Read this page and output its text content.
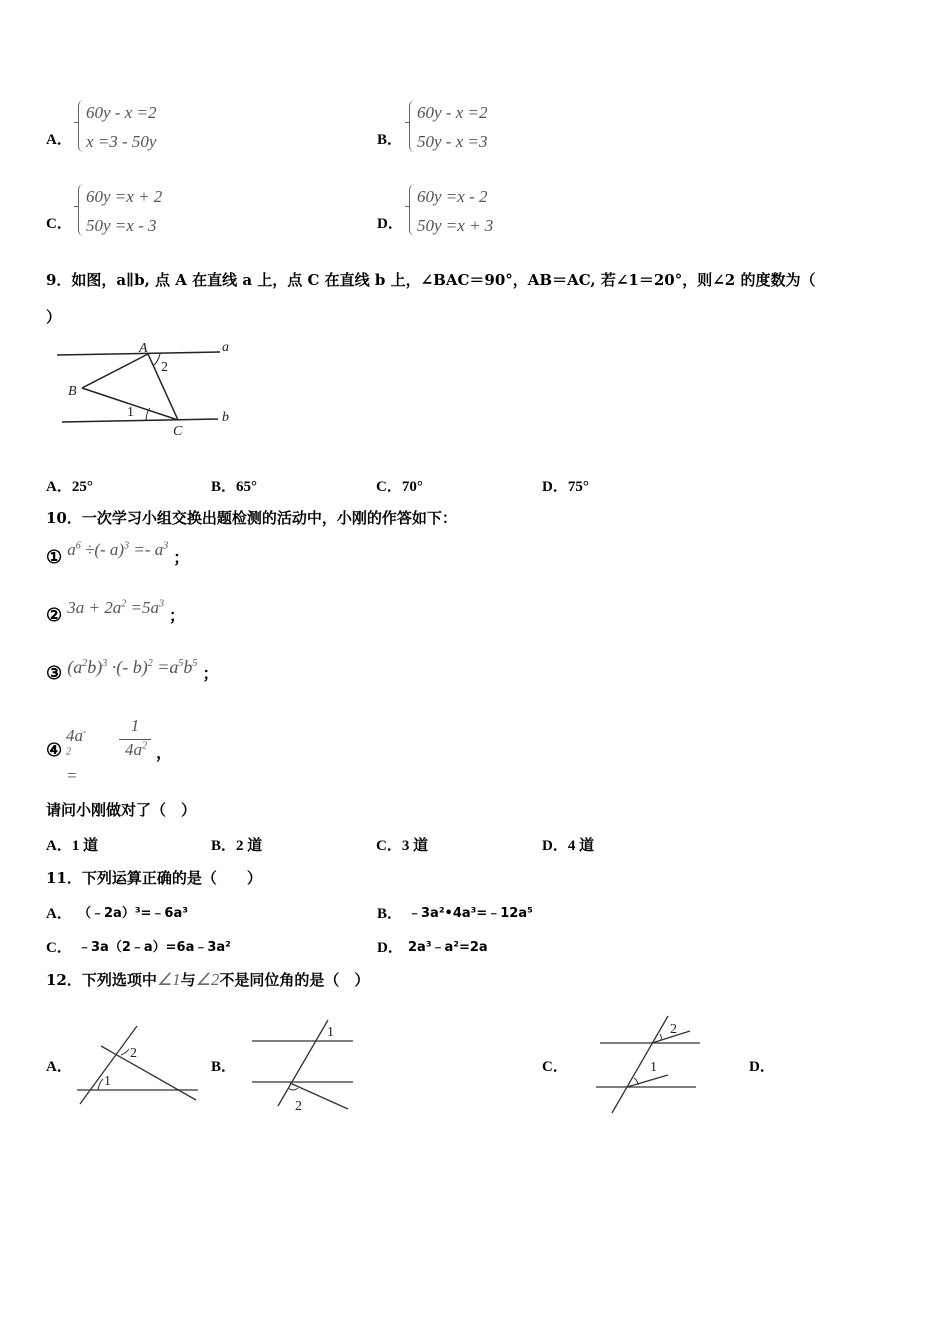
A．
60y - x =2
x =3 - 50y	B．
60y - x =2
50y - x =3
C．
60y =x + 2
50y =x - 3	D．
60y =x - 2
50y =x + 3
9．如图，a∥b, 点 A 在直线 a 上，点 C 在直线 b 上，∠BAC＝90°，AB＝AC, 若∠1＝20°，则∠2 的度数为（
）
A
B
C
a
b
1
2
A．25°	B．65°	C．70°	D．75°
10．一次学习小组交换出题检测的活动中，小刚的作答如下：
① $a^6$ ÷(- $a)^3 =- a^3$ ；
② $3a + 2a^2 =5a^3$ ；
③ $(a^2b)^3$ ·(- $b)^2 =a^5b^5$ ；
④
$4a^{- 2}$ =
1
$4a^2$ ，
请问小刚做对了（　）
A．1 道	B．2 道	C．3 道	D．4 道
11．下列运算正确的是（　　）
A． （﹣2a）³=﹣6a³	B． ﹣3a²•4a³=﹣12a⁵
C． ﹣3a（2﹣a）=6a﹣3a²	D． 2a³﹣a²=2a
12．下列选项中∠1与∠2不是同位角的是（　）
A．	B．	C．	D．
1
2
1
2
2
1
